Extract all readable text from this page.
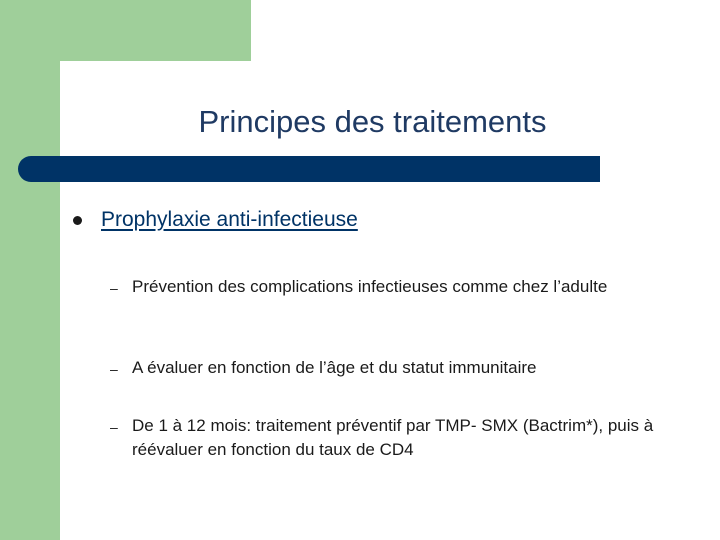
Principes des traitements
Prophylaxie anti-infectieuse
– Prévention des complications infectieuses comme chez l’adulte
– A évaluer en fonction de l’âge et du statut immunitaire
– De 1 à 12 mois: traitement préventif par TMP- SMX (Bactrim*), puis à réévaluer en fonction du taux de CD4
